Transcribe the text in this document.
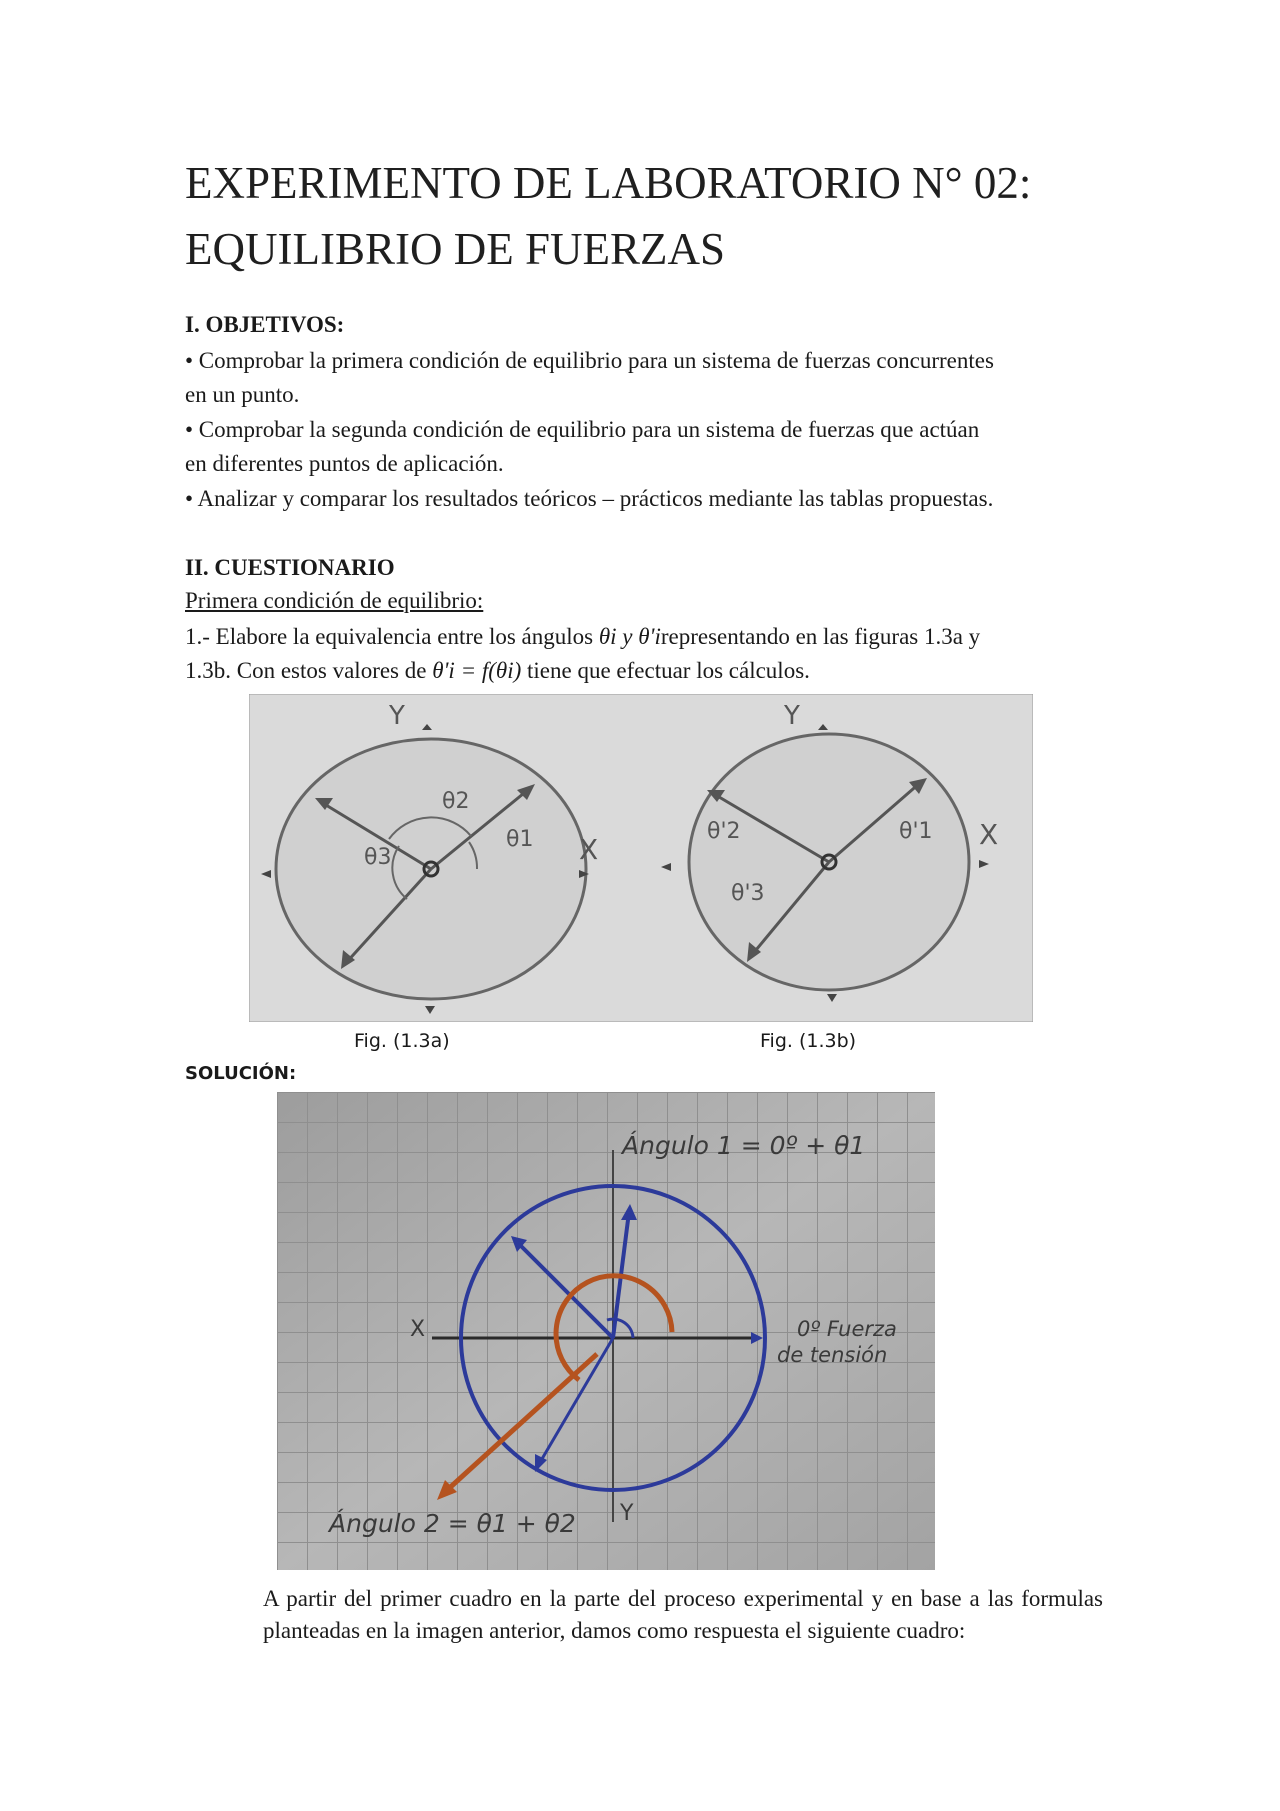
EXPERIMENTO DE LABORATORIO N° 02:
EQUILIBRIO DE FUERZAS

I. OBJETIVOS:

• Comprobar la primera condición de equilibrio para un sistema de fuerzas concurrentes
en un punto.

• Comprobar la segunda condición de equilibrio para un sistema de fuerzas que actúan
en diferentes puntos de aplicación.

• Analizar y comparar los resultados teóricos – prácticos mediante las tablas propuestas.

II. CUESTIONARIO

Primera condición de equilibrio:

1.- Elabore la equivalencia entre los ángulos θi y θ'irepresentando en las figuras 1.3a y
1.3b. Con estos valores de θ'i = f(θi) tiene que efectuar los cálculos.

Y
X
θ2
θ1
θ3
Y
X
θ'2	θ'1
θ'3
Fig. (1.3a)	Fig. (1.3b)
SOLUCIÓN:
Ángulo 1 = 0º + θ1
Ángulo 2 = θ1 + θ2
X
Y
0º Fuerza
de tensión

A partir del primer cuadro en la parte del proceso experimental y en base a las formulas planteadas en la imagen anterior, damos como respuesta el siguiente cuadro:
